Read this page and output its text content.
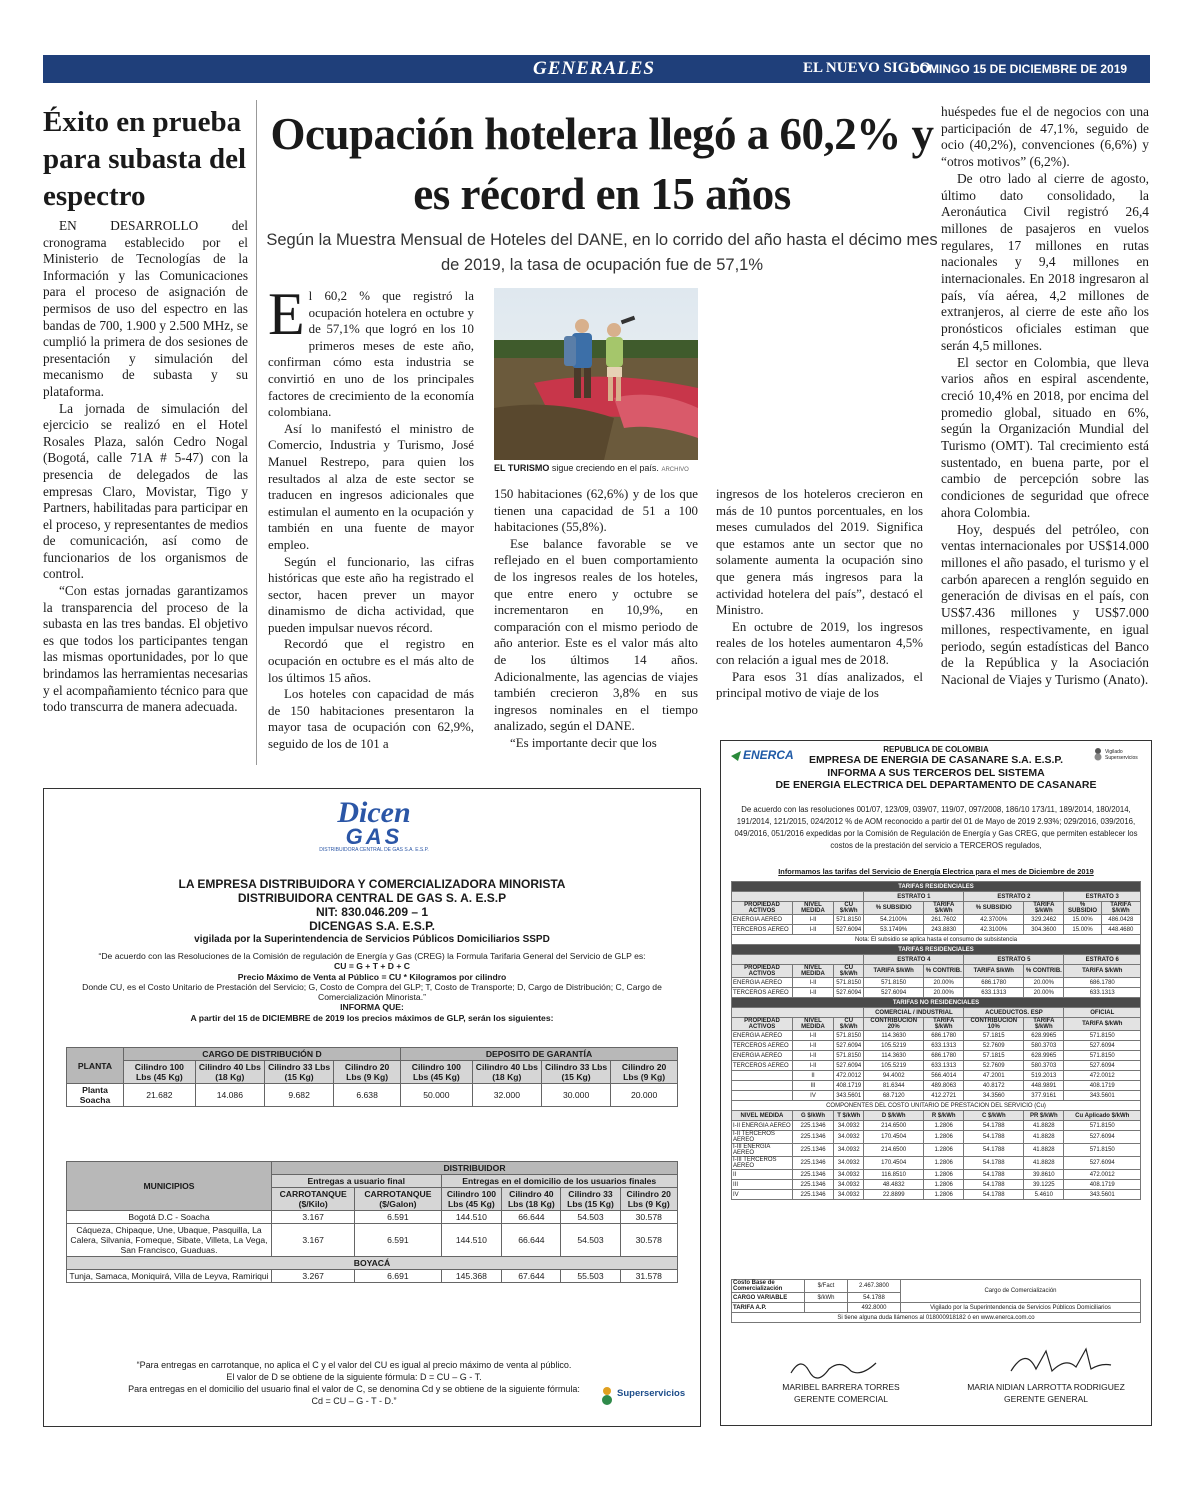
GENERALES	EL NUEVO SIGLO
DOMINGO 15 DE DICIEMBRE DE 2019 1B
Éxito en prueba para subasta del espectro

EN DESARROLLO del cronograma establecido por el Ministerio de Tecnologías de la Información y las Comunicaciones para el proceso de asignación de permisos de uso del espectro en las bandas de 700, 1.900 y 2.500 MHz, se cumplió la primera de dos sesiones de presentación y simulación del mecanismo de subasta y su plataforma.

La jornada de simulación del ejercicio se realizó en el Hotel Rosales Plaza, salón Cedro Nogal (Bogotá, calle 71A # 5-47) con la presencia de delegados de las empresas Claro, Movistar, Tigo y Partners, habilitadas para participar en el proceso, y representantes de medios de comunicación, así como de funcionarios de los organismos de control.

“Con estas jornadas garantizamos la transparencia del proceso de la subasta en las tres bandas. El objetivo es que todos los participantes tengan las mismas oportunidades, por lo que brindamos las herramientas necesarias y el acompañamiento técnico para que todo transcurra de manera adecuada.

Ocupación hotelera llegó a 60,2% y es récord en 15 años
Según la Muestra Mensual de Hoteles del DANE, en lo corrido del año hasta el décimo mes de 2019, la tasa de ocupación fue de 57,1%

El 60,2 % que registró la ocupación hotelera en octubre y de 57,1% que logró en los 10 primeros meses de este año, confirman cómo esta industria se convirtió en uno de los principales factores de crecimiento de la economía colombiana.

Así lo manifestó el ministro de Comercio, Industria y Turismo, José Manuel Restrepo, para quien los resultados al alza de este sector se traducen en ingresos adicionales que estimulan el aumento en la ocupación y también en una fuente de mayor empleo.

Según el funcionario, las cifras históricas que este año ha registrado el sector, hacen prever un mayor dinamismo de dicha actividad, que pueden impulsar nuevos récord.

Recordó que el registro en ocupación en octubre es el más alto de los últimos 15 años.

Los hoteles con capacidad de más de 150 habitaciones presentaron la mayor tasa de ocupación con 62,9%, seguido de los de 101 a

EL TURISMO sigue creciendo en el país. ARCHIVO

150 habitaciones (62,6%) y de los que tienen una capacidad de 51 a 100 habitaciones (55,8%).

Ese balance favorable se ve reflejado en el buen comportamiento de los ingresos reales de los hoteles, que entre enero y octubre se incrementaron en 10,9%, en comparación con el mismo periodo de año anterior. Este es el valor más alto de los últimos 14 años. Adicionalmente, las agencias de viajes también crecieron 3,8% en sus ingresos nominales en el tiempo analizado, según el DANE.

“Es importante decir que los

ingresos de los hoteleros crecieron en más de 10 puntos porcentuales, en los meses cumulados del 2019. Significa que estamos ante un sector que no solamente aumenta la ocupación sino que genera más ingresos para la actividad hotelera del país”, destacó el Ministro.

En octubre de 2019, los ingresos reales de los hoteles aumentaron 4,5% con relación a igual mes de 2018.

Para esos 31 días analizados, el principal motivo de viaje de los

huéspedes fue el de negocios con una participación de 47,1%, seguido de ocio (40,2%), convenciones (6,6%) y “otros motivos” (6,2%).

De otro lado al cierre de agosto, último dato consolidado, la Aeronáutica Civil registró 26,4 millones de pasajeros en vuelos regulares, 17 millones en rutas nacionales y 9,4 millones en internacionales. En 2018 ingresaron al país, vía aérea, 4,2 millones de extranjeros, al cierre de este año los pronósticos oficiales estiman que serán 4,5 millones.

El sector en Colombia, que lleva varios años en espiral ascendente, creció 10,4% en 2018, por encima del promedio global, situado en 6%, según la Organización Mundial del Turismo (OMT). Tal crecimiento está sustentado, en buena parte, por el cambio de percepción sobre las condiciones de seguridad que ofrece ahora Colombia.

Hoy, después del petróleo, con ventas internacionales por US$14.000 millones el año pasado, el turismo y el carbón aparecen a renglón seguido en generación de divisas en el país, con US$7.436 millones y US$7.000 millones, respectivamente, en igual periodo, según estadísticas del Banco de la República y la Asociación Nacional de Viajes y Turismo (Anato).

Dicen
GAS
DISTRIBUIDORA CENTRAL DE GAS S.A. E.S.P.
LA EMPRESA DISTRIBUIDORA Y COMERCIALIZADORA MINORISTA
DISTRIBUIDORA CENTRAL DE GAS S. A. E.S.P
NIT: 830.046.209 – 1
DICENGAS S.A. E.S.P.
vigilada por la Superintendencia de Servicios Públicos Domiciliarios SSPD
“De acuerdo con las Resoluciones de la Comisión de regulación de Energía y Gas (CREG) la Formula Tarifaria General del Servicio de GLP es:
CU = G + T + D + C
Precio Máximo de Venta al Público = CU * Kilogramos por cilindro
Donde CU, es el Costo Unitario de Prestación del Servicio; G, Costo de Compra del GLP; T, Costo de Transporte; D, Cargo de Distribución; C, Cargo de Comercialización Minorista.”
INFORMA QUE:
A partir del 15 de DICIEMBRE de 2019 los precios máximos de GLP, serán los siguientes:
PLANTA	CARGO DE DISTRIBUCIÓN D				DEPOSITO DE GARANTÍA			
	Cilindro 100 Lbs (45 Kg)	Cilindro 40 Lbs (18 Kg)	Cilindro 33 Lbs (15 Kg)	Cilindro 20 Lbs (9 Kg)	Cilindro 100 Lbs (45 Kg)	Cilindro 40 Lbs (18 Kg)	Cilindro 33 Lbs (15 Kg)	Cilindro 20 Lbs (9 Kg)
Planta Soacha	21.682	14.086	9.682	6.638	50.000	32.000	30.000	20.000
MUNICIPIOS	DISTRIBUIDOR					
	Entregas a usuario final		Entregas en el domicilio de los usuarios finales			
	CARROTANQUE ($/Kilo)	CARROTANQUE ($/Galon)	Cilindro 100 Lbs (45 Kg)	Cilindro 40 Lbs (18 Kg)	Cilindro 33 Lbs (15 Kg)	Cilindro 20 Lbs (9 Kg)
Bogotá D.C - Soacha	3.167	6.591	144.510	66.644	54.503	30.578
Cáqueza, Chipaque, Une, Ubaque, Pasquilla, La Calera, Silvania, Fomeque, Sibate, Villeta, La Vega, San Francisco, Guaduas.	3.167	6.591	144.510	66.644	54.503	30.578
BOYACÁ						
Tunja, Samaca, Moniquirá, Villa de Leyva, Ramiriqui	3.267	6.691	145.368	67.644	55.503	31.578
“Para entregas en carrotanque, no aplica el C y el valor del CU es igual al precio máximo de venta al público.
El valor de D se obtiene de la siguiente fórmula: D = CU – G - T.
Para entregas en el domicilio del usuario final el valor de C, se denomina Cd y se obtiene de la siguiente fórmula:
Cd = CU – G - T - D.”
Superservicios
ENERCA	Vigilado Superservicios
REPUBLICA DE COLOMBIA
EMPRESA DE ENERGIA DE CASANARE S.A. E.S.P.
INFORMA A SUS TERCEROS DEL SISTEMA
DE ENERGIA ELECTRICA DEL DEPARTAMENTO DE CASANARE
De acuerdo con las resoluciones 001/07, 123/09, 039/07, 119/07, 097/2008, 186/10 173/11, 189/2014, 180/2014, 191/2014, 121/2015, 024/2012 % de AOM reconocido a partir del 01 de Mayo de 2019 2.93%; 029/2016, 039/2016, 049/2016, 051/2016 expedidas por la Comisión de Regulación de Energía y Gas CREG, que permiten establecer los costos de la prestación del servicio a TERCEROS regulados,
Informamos las tarifas del Servicio de Energía Electrica para el mes de Diciembre de 2019
TARIFAS RESIDENCIALES								
			ESTRATO 1		ESTRATO 2		ESTRATO 3	
PROPIEDAD ACTIVOS	NIVEL MEDIDA	CU $/kWh	% SUBSIDIO	TARIFA $/kWh	% SUBSIDIO	TARIFA $/kWh	% SUBSIDIO	TARIFA $/kWh
ENERGIA AEREO	I-II	571.8150	54.2100%	261.7602	42.3700%	329.2462	15.00%	486.0428
TERCEROS AEREO	I-II	527.6094	53.1749%	243.8830	42.3100%	304.3600	15.00%	448.4680
Nota: El subsidio se aplica hasta el consumo de subsistencia								
TARIFAS RESIDENCIALES								
			ESTRATO 4		ESTRATO 5		ESTRATO 6	
PROPIEDAD ACTIVOS	NIVEL MEDIDA	CU $/kWh	TARIFA $/kWh	% CONTRIB.	TARIFA $/kWh	% CONTRIB.	TARIFA $/kWh	
ENERGIA AEREO	I-II	571.8150	571.8150	20.00%	686.1780	20.00%	686.1780	
TERCEROS AEREO	I-II	527.6094	527.6094	20.00%	633.1313	20.00%	633.1313	
TARIFAS NO RESIDENCIALES								
			COMERCIAL / INDUSTRIAL		ACUEDUCTOS. ESP		OFICIAL	
PROPIEDAD ACTIVOS	NIVEL MEDIDA	CU $/kWh	CONTRIBUCION 20%	TARIFA $/kWh	CONTRIBUCION 10%	TARIFA $/kWh	TARIFA $/kWh	
ENERGIA AEREO	I-II	571.8150	114.3630	686.1780	57.1815	628.9965	571.8150	
TERCEROS AEREO	I-II	527.6094	105.5219	633.1313	52.7609	580.3703	527.6094	
ENERGIA AEREO	I-II	571.8150	114.3630	686.1780	57.1815	628.9965	571.8150	
TERCEROS AEREO	I-II	527.6094	105.5219	633.1313	52.7609	580.3703	527.6094	
	II	472.0012	94.4002	566.4014	47.2001	519.2013	472.0012	
	III	408.1719	81.6344	489.8063	40.8172	448.9891	408.1719	
	IV	343.5601	68.7120	412.2721	34.3560	377.9161	343.5601	
COMPONENTES DEL COSTO UNITARIO DE PRESTACION DEL SERVICIO (Cu)								
NIVEL MEDIDA	G $/kWh	T $/kWh	D $/kWh	R $/kWh	C $/kWh	PR $/kWh	Cu Aplicado $/kWh	
I-II ENERGIA AEREO	225.1346	34.0932	214.6500	1.2806	54.1788	41.8828	571.8150	
I-II TERCEROS AEREO	225.1346	34.0932	170.4504	1.2806	54.1788	41.8828	527.6094	
I-III ENERGIA AEREO	225.1346	34.0932	214.6500	1.2806	54.1788	41.8828	571.8150	
I-III TERCEROS AEREO	225.1346	34.0932	170.4504	1.2806	54.1788	41.8828	527.6094	
II	225.1346	34.0932	116.8510	1.2806	54.1788	39.8610	472.0012	
III	225.1346	34.0932	48.4832	1.2806	54.1788	39.1225	408.1719	
IV	225.1346	34.0932	22.8899	1.2806	54.1788	5.4610	343.5601	
Costo Base de Comercialización	$/Fact	2.467.3800	Cargo de Comercialización
CARGO VARIABLE	$/kWh	54.1788	
TARIFA A.P.		492.8000	Vigilado por la Superintendencia de Servicios Públicos Domiciliarios
Si tiene alguna duda llámenos al 018000918182 ó en www.enerca.com.co			
MARIBEL BARRERA TORRES
GERENTE COMERCIAL
MARIA NIDIAN LARROTTA RODRIGUEZ
GERENTE GENERAL
